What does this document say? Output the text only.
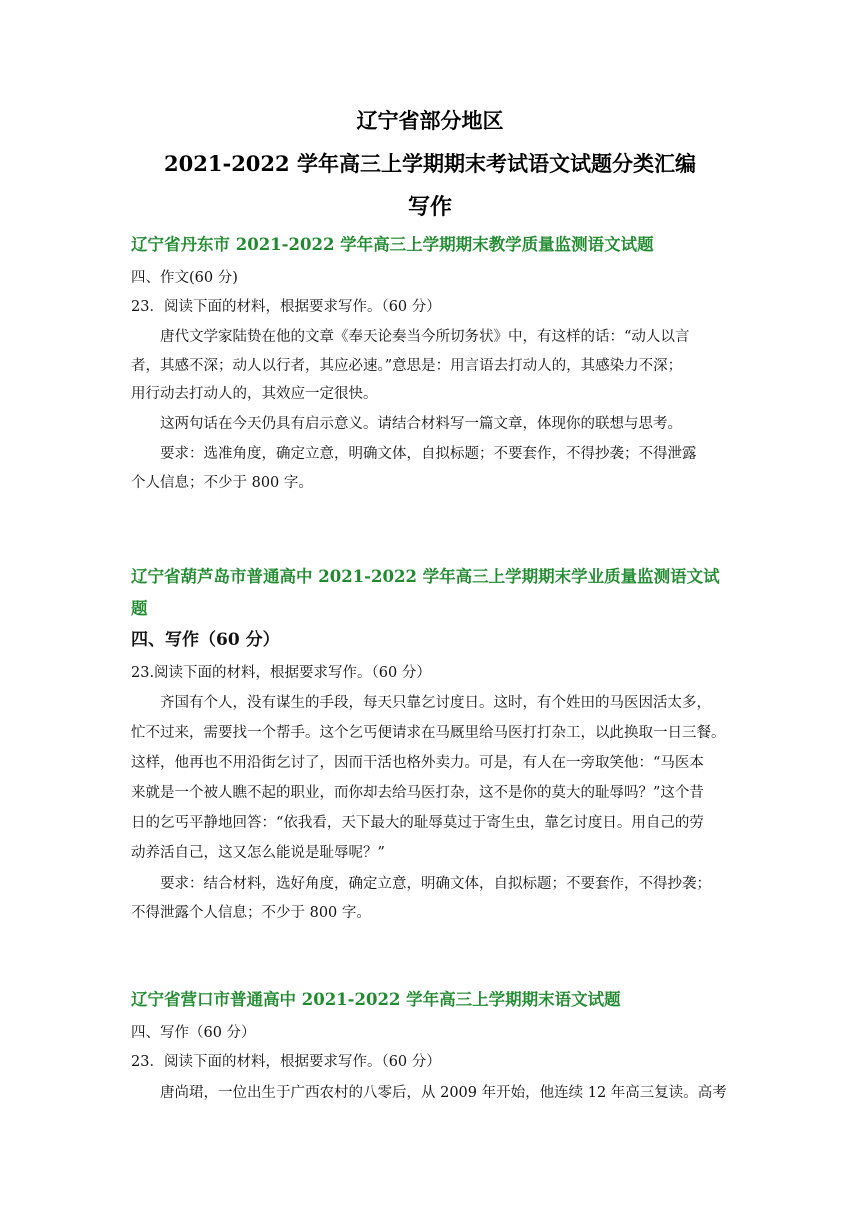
辽宁省部分地区
2021-2022 学年高三上学期期末考试语文试题分类汇编
写作
辽宁省丹东市 2021-2022 学年高三上学期期末教学质量监测语文试题
四、作文(60 分)
23．阅读下面的材料，根据要求写作。（60 分）
唐代文学家陆贽在他的文章《奉天论奏当今所切务状》中，有这样的话：“动人以言
者，其感不深；动人以行者，其应必速。”意思是：用言语去打动人的，其感染力不深；
用行动去打动人的，其效应一定很快。
这两句话在今天仍具有启示意义。请结合材料写一篇文章，体现你的联想与思考。
要求：选准角度，确定立意，明确文体，自拟标题；不要套作，不得抄袭；不得泄露
个人信息；不少于 800 字。
辽宁省葫芦岛市普通高中 2021-2022 学年高三上学期期末学业质量监测语文试
题
四、写作（60 分）
23.阅读下面的材料，根据要求写作。（60 分）
齐国有个人，没有谋生的手段，每天只靠乞讨度日。这时，有个姓田的马医因活太多，
忙不过来，需要找一个帮手。这个乞丐便请求在马厩里给马医打打杂工，以此换取一日三餐。
这样，他再也不用沿街乞讨了，因而干活也格外卖力。可是，有人在一旁取笑他：“马医本
来就是一个被人瞧不起的职业，而你却去给马医打杂，这不是你的莫大的耻辱吗？”这个昔
日的乞丐平静地回答：“依我看，天下最大的耻辱莫过于寄生虫，靠乞讨度日。用自己的劳
动养活自己，这又怎么能说是耻辱呢？”
要求：结合材料，选好角度，确定立意，明确文体，自拟标题；不要套作，不得抄袭；
不得泄露个人信息；不少于 800 字。
辽宁省营口市普通高中 2021-2022 学年高三上学期期末语文试题
四、写作（60 分）
23．阅读下面的材料，根据要求写作。（60 分）
唐尚珺，一位出生于广西农村的八零后，从 2009 年开始，他连续 12 年高三复读。高考
